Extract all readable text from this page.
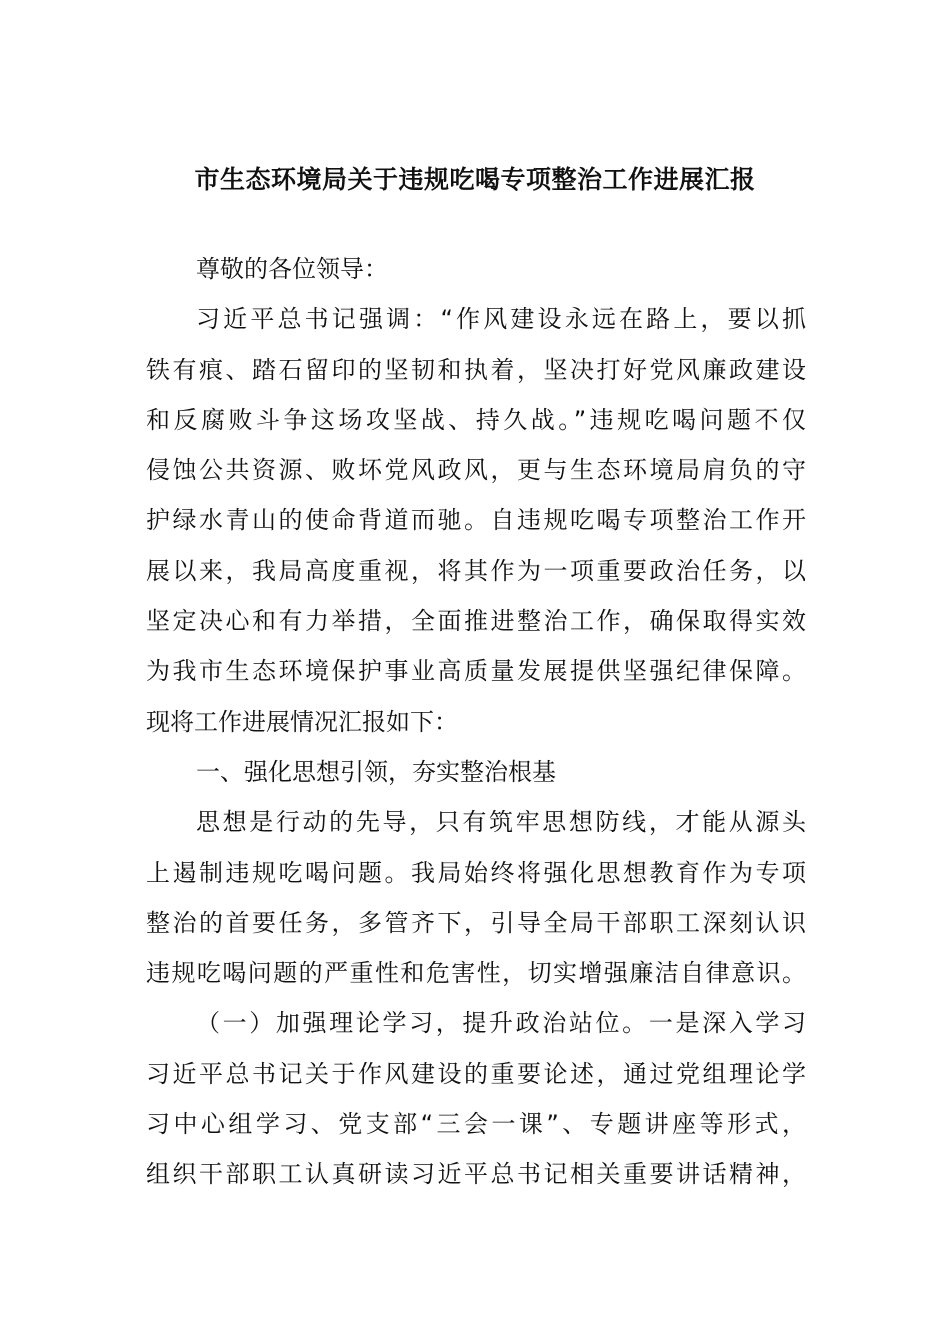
市生态环境局关于违规吃喝专项整治工作进展汇报
尊敬的各位领导：
习近平总书记强调：“作风建设永远在路上，要以抓
铁有痕、踏石留印的坚韧和执着，坚决打好党风廉政建设
和反腐败斗争这场攻坚战、持久战。”违规吃喝问题不仅
侵蚀公共资源、败坏党风政风，更与生态环境局肩负的守
护绿水青山的使命背道而驰。自违规吃喝专项整治工作开
展以来，我局高度重视，将其作为一项重要政治任务，以
坚定决心和有力举措，全面推进整治工作，确保取得实效
为我市生态环境保护事业高质量发展提供坚强纪律保障。
现将工作进展情况汇报如下：
一、强化思想引领，夯实整治根基
思想是行动的先导，只有筑牢思想防线，才能从源头
上遏制违规吃喝问题。我局始终将强化思想教育作为专项
整治的首要任务，多管齐下，引导全局干部职工深刻认识
违规吃喝问题的严重性和危害性，切实增强廉洁自律意识。
（一）加强理论学习，提升政治站位。一是深入学习
习近平总书记关于作风建设的重要论述，通过党组理论学
习中心组学习、党支部“三会一课”、专题讲座等形式，
组织干部职工认真研读习近平总书记相关重要讲话精神，
